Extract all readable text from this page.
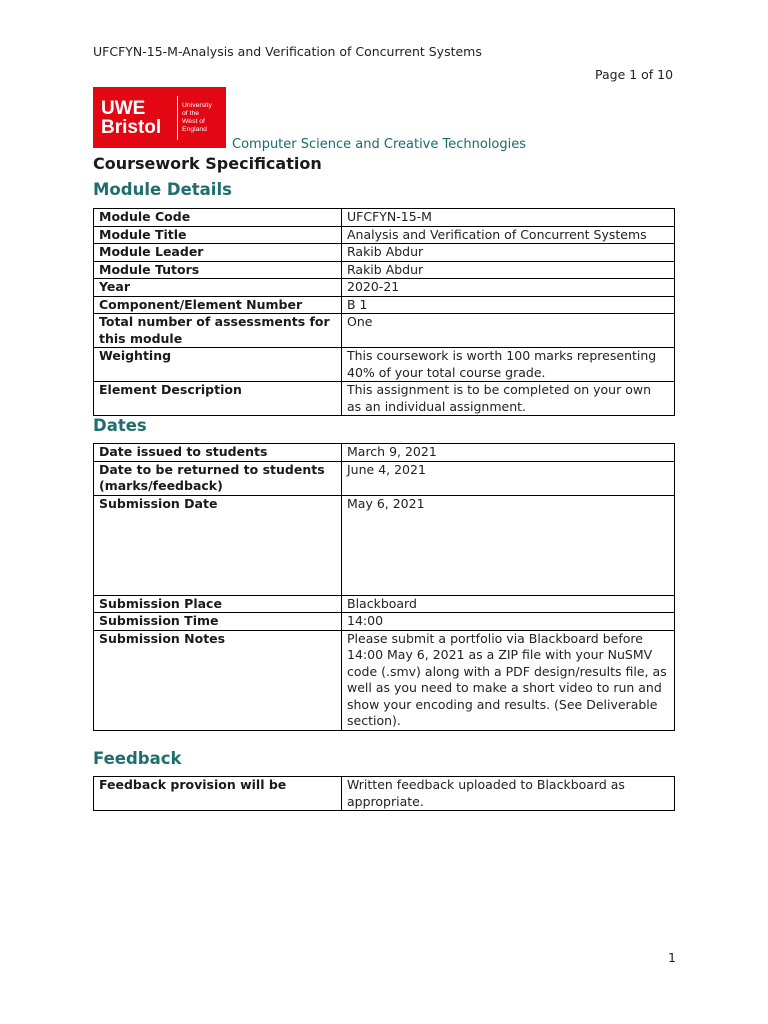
UFCFYN-15-M-Analysis and Verification of Concurrent Systems
Page 1 of 10
UWE
Bristol
University
of the
West of
England
Computer Science and Creative Technologies
Coursework Specification
Module Details
Module Code	UFCFYN-15-M
Module Title	Analysis and Verification of Concurrent Systems
Module Leader	Rakib Abdur
Module Tutors	Rakib Abdur
Year	2020-21
Component/Element Number	B 1
Total number of assessments for this module	One
Weighting	This coursework is worth 100 marks representing 40% of your total course grade.
Element Description	This assignment is to be completed on your own as an individual assignment.
Dates
Date issued to students	March 9, 2021
Date to be returned to students (marks/feedback)	June 4, 2021
Submission Date	May 6, 2021
Submission Place	Blackboard
Submission Time	14:00
Submission Notes	Please submit a portfolio via Blackboard before 14:00 May 6, 2021 as a ZIP file with your NuSMV code (.smv) along with a PDF design/results file, as well as you need to make a short video to run and show your encoding and results. (See Deliverable section).
Feedback
Feedback provision will be	Written feedback uploaded to Blackboard as appropriate.
1
